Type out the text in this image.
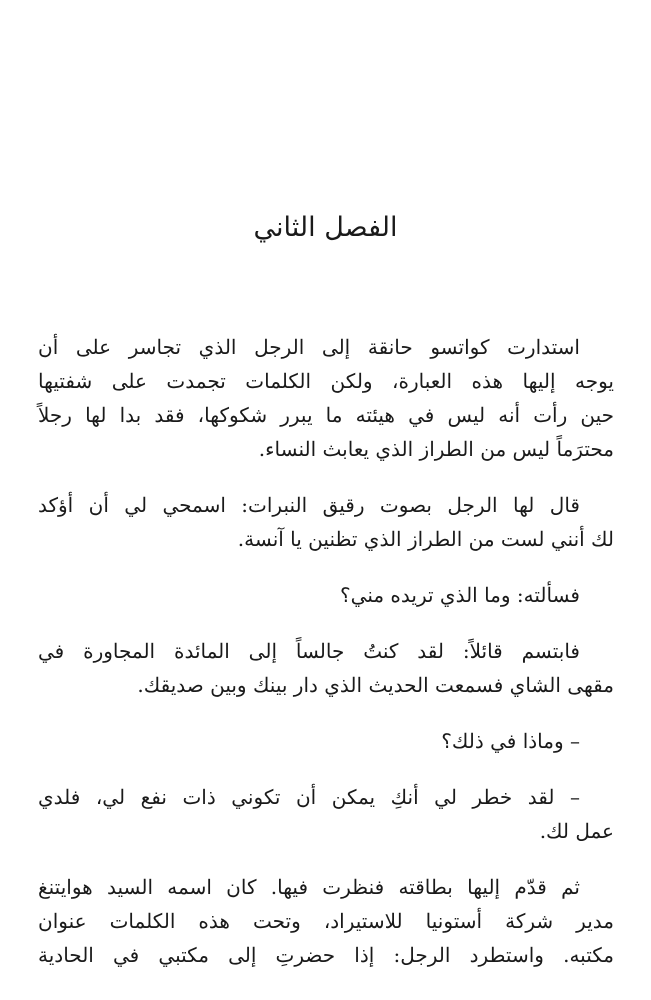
الفصل الثاني

استدارت كواتسو حانقة إلى الرجل الذي تجاسر على أن
يوجه إليها هذه العبارة، ولكن الكلمات تجمدت على شفتيها
حين رأت أنه ليس في هيئته ما يبرر شكوكها، فقد بدا لها رجلاً
محترَماً ليس من الطراز الذي يعابث النساء.

قال لها الرجل بصوت رقيق النبرات: اسمحي لي أن أؤكد
لك أنني لست من الطراز الذي تظنين يا آنسة.

فسألته: وما الذي تريده مني؟

فابتسم قائلاً: لقد كنتُ جالساً إلى المائدة المجاورة في
مقهى الشاي فسمعت الحديث الذي دار بينك وبين صديقك.

– وماذا في ذلك؟

– لقد خطر لي أنكِ يمكن أن تكوني ذات نفع لي، فلدي
عمل لك.

ثم قدّم إليها بطاقته فنظرت فيها. كان اسمه السيد هوايتنغ
مدير شركة أستونيا للاستيراد، وتحت هذه الكلمات عنوان
مكتبه. واستطرد الرجل: إذا حضرتِ إلى مكتبي في الحادية
